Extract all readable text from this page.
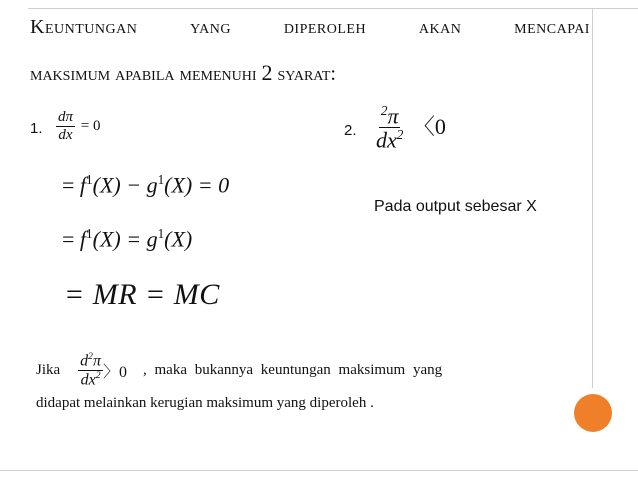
Keuntungan	yang	diperoleh	akan	mencapai
maksimum apabila memenuhi 2 syarat:
1. $\frac{d\pi}{dx} = 0$	2. $\frac{^2\pi}{dx^2}$ 〈0
= $f^1(X) - g^1(X) = 0$
Pada output sebesar X
= $f^1(X) = g^1(X)$
= MR = MC
Jika $\frac{d^2\pi}{dx^2}$ 〉0 , maka bukannya keuntungan maksimum yang
didapat melainkan kerugian maksimum yang diperoleh .
